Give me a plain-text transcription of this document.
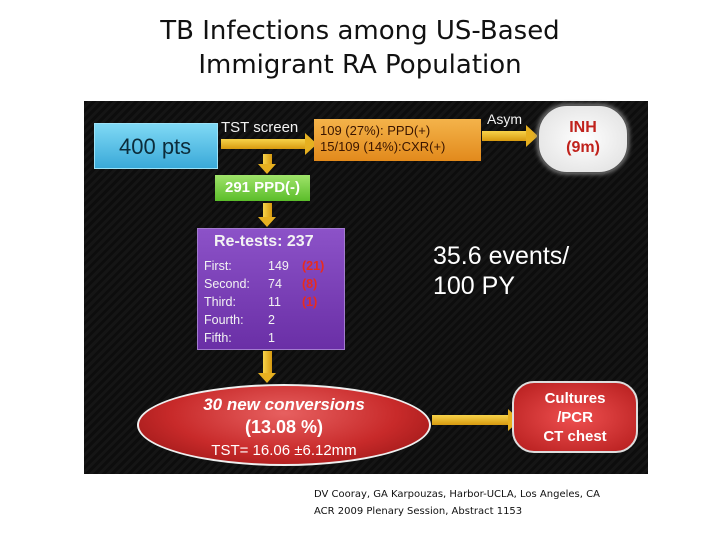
TB Infections among US-Based
Immigrant RA Population
400 pts
TST screen 109 (27%): PPD(+)
15/109 (14%):CXR(+)
Asym	INH
(9m)
291 PPD(-)
Re-tests: 237
First:	149 (21)
Second: 74 (8)
Third:	11 (1)
Fourth: 2
Fifth:	1
35.6 events/
100 PY
30 new conversions
(13.08 %)
TST= 16.06 ±6.12mm
Cultures
/PCR
CT chest
DV Cooray, GA Karpouzas, Harbor-UCLA, Los Angeles, CA
ACR 2009 Plenary Session, Abstract 1153
